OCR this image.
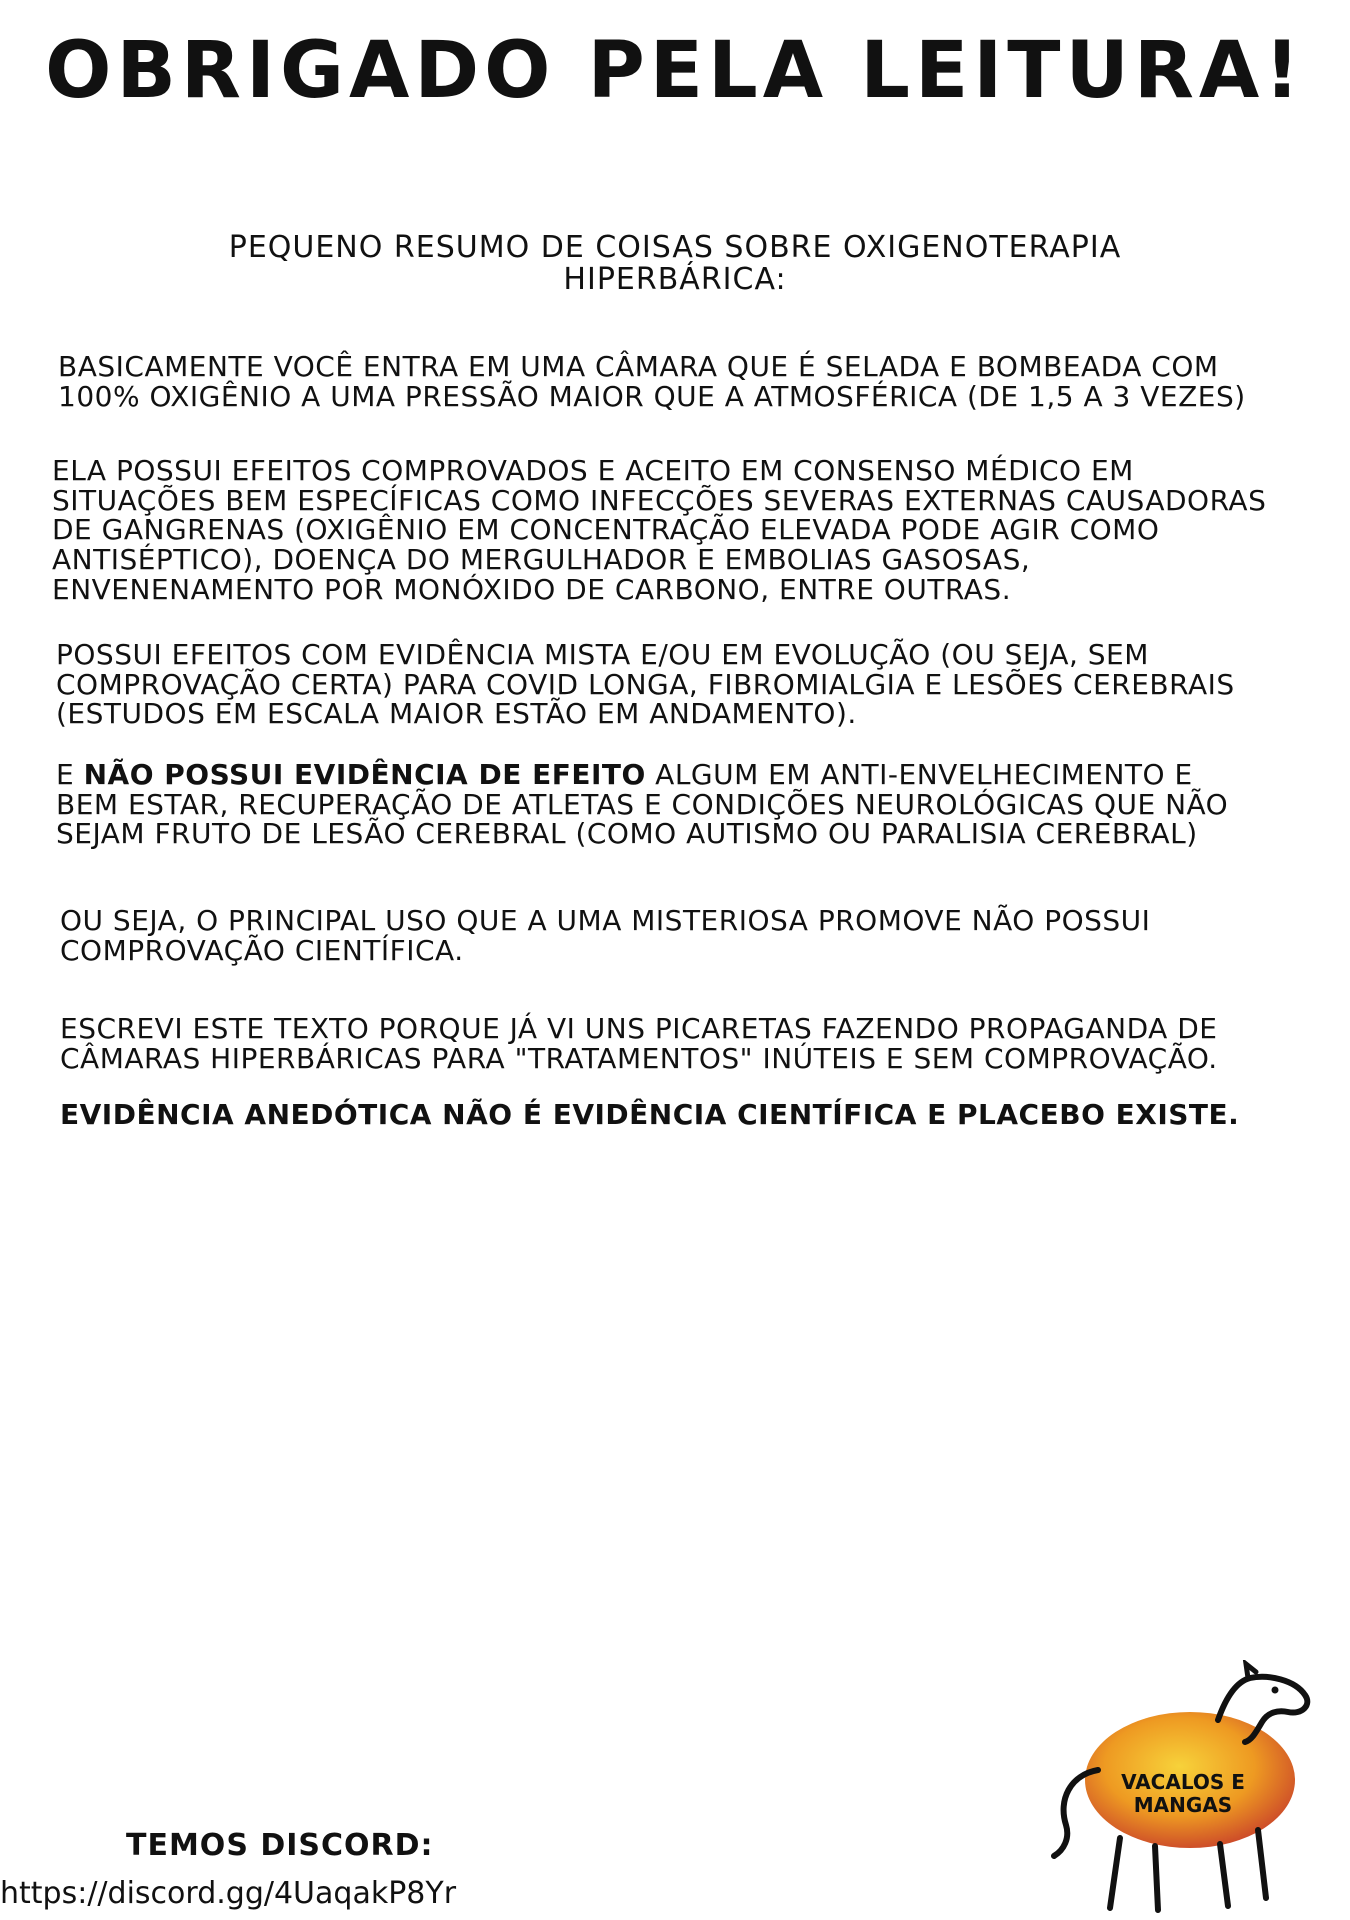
OBRIGADO PELA LEITURA!
PEQUENO RESUMO DE COISAS SOBRE OXIGENOTERAPIA HIPERBÁRICA:
BASICAMENTE VOCÊ ENTRA EM UMA CÂMARA QUE É SELADA E BOMBEADA COM 100% OXIGÊNIO A UMA PRESSÃO MAIOR QUE A ATMOSFÉRICA (DE 1,5 A 3 VEZES)
ELA POSSUI EFEITOS COMPROVADOS E ACEITO EM CONSENSO MÉDICO EM SITUAÇÕES BEM ESPECÍFICAS COMO INFECÇÕES SEVERAS EXTERNAS CAUSADORAS DE GANGRENAS (OXIGÊNIO EM CONCENTRAÇÃO ELEVADA PODE AGIR COMO ANTISÉPTICO), DOENÇA DO MERGULHADOR E EMBOLIAS GASOSAS, ENVENENAMENTO POR MONÓXIDO DE CARBONO, ENTRE OUTRAS.
POSSUI EFEITOS COM EVIDÊNCIA MISTA E/OU EM EVOLUÇÃO (OU SEJA, SEM COMPROVAÇÃO CERTA) PARA COVID LONGA, FIBROMIALGIA E LESÕES CEREBRAIS (ESTUDOS EM ESCALA MAIOR ESTÃO EM ANDAMENTO).
E NÃO POSSUI EVIDÊNCIA DE EFEITO ALGUM EM ANTI-ENVELHECIMENTO E BEM ESTAR, RECUPERAÇÃO DE ATLETAS E CONDIÇÕES NEUROLÓGICAS QUE NÃO SEJAM FRUTO DE LESÃO CEREBRAL (COMO AUTISMO OU PARALISIA CEREBRAL)
OU SEJA, O PRINCIPAL USO QUE A UMA MISTERIOSA PROMOVE NÃO POSSUI COMPROVAÇÃO CIENTÍFICA.
ESCREVI ESTE TEXTO PORQUE JÁ VI UNS PICARETAS FAZENDO PROPAGANDA DE CÂMARAS HIPERBÁRICAS PARA "TRATAMENTOS" INÚTEIS E SEM COMPROVAÇÃO.
EVIDÊNCIA ANEDÓTICA NÃO É EVIDÊNCIA CIENTÍFICA E PLACEBO EXISTE.
TEMOS DISCORD:
https://discord.gg/4UaqakP8Yr
VACALOS E MANGAS
